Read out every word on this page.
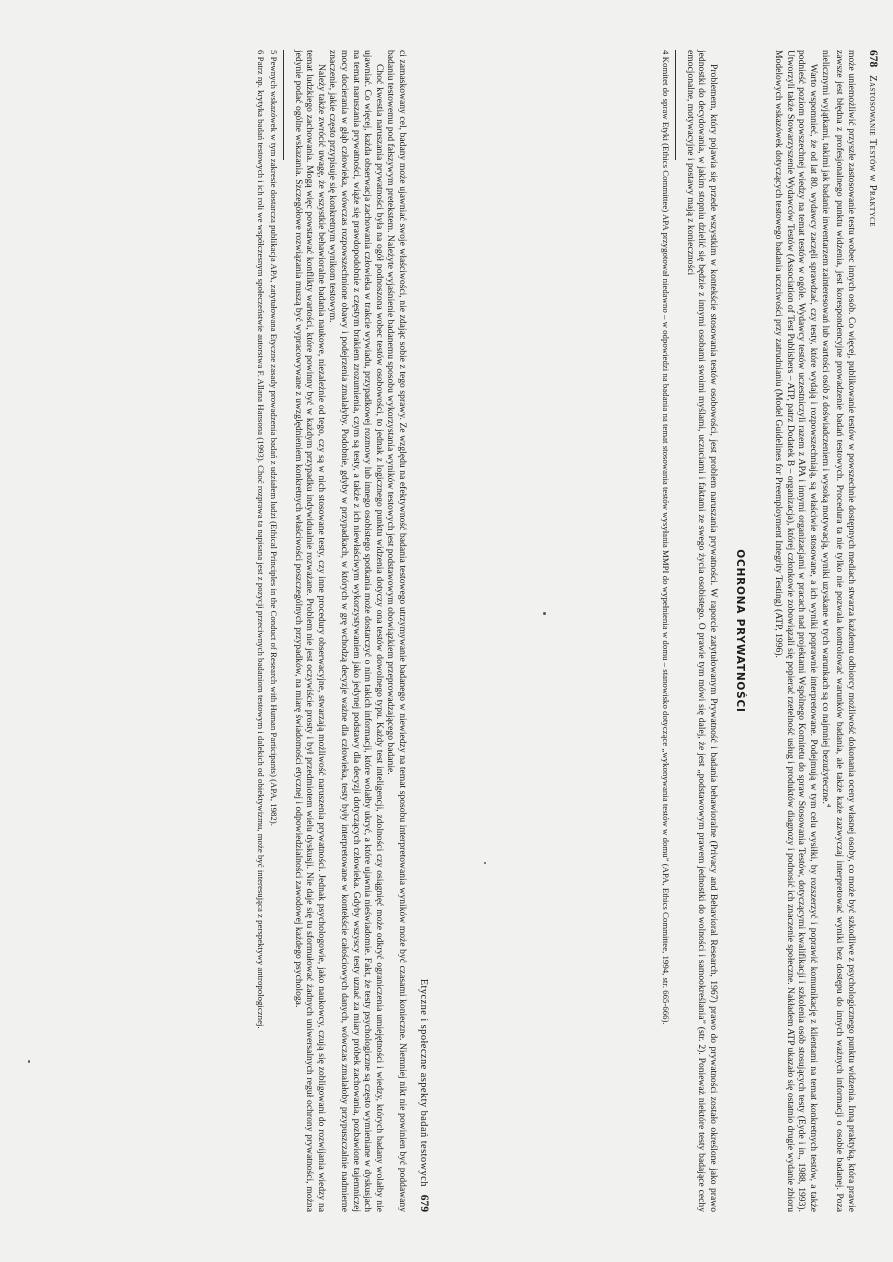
678   Zastosowanie Testów w Praktyce

może uniemożliwić przyszłe zastosowanie testu wobec innych osób. Co więcej, publikowanie testów w powszechnie dostępnych mediach stwarza każdemu odbiorcy możliwość dokonania oceny własnej osoby, co może być szkodliwe z psychologicznego punktu widzenia. Inną praktyką, która prawie zawsze jest błędna z profesjonalnego punktu widzenia, jest korespondencyjne prowadzenie badań testowych. Procedura ta nie tylko nie pozwala kontrolować warunków badania, ale także każe zazwyczaj interpretować wyniki bez dostępu do innych ważnych informacji o osobie badanej. Poza nielicznymi wyjątkami, takimi jak badanie inwentarzem zainteresowań lub wartości osób z doświadczeniem i wysoką motywacją, wyniki uzyskane w tych warunkach są co najmniej bezużyteczne.$^4$

Warto wspomnieć, że od lat 80. wydawcy zaczęli sprawdzać, czy testy, które wydają i rozpowszechniają, są właściwie stosowane, a ich wyniki poprawnie interpretowane. Podejmują w tym celu wysiłki, by rozszerzyć i poprawić komunikację z klientami na temat konkretnych testów, a także podnieść poziom powszechnej wiedzy na temat testów w ogóle. Wydawcy testów uczestniczyli razem z APA i innymi organizacjami w pracach nad projektami Wspólnego Komitetu do spraw Stosowania Testów, dotyczącymi kwalifikacji i szkolenia osób stosujących testy (Eyde i in., 1988, 1993). Utworzyli także Stowarzyszenie Wydawców Testów (Association of Test Publishers – ATP, patrz Dodatek B – organizacja), której członkowie zobowiązali się popierać rzetelność usług i produktów diagnozy i podnosić ich znaczenie społeczne. Nakładem ATP ukazało się ostatnio drugie wydanie zbioru Modelowych wskazówek dotyczących testowego badania uczciwości przy zatrudnianiu (Model Guidelines for Preemployment Integrity Testing) (ATP, 1996).

OCHRONA PRYWATNOŚCI

Problemem, który pojawia się przede wszystkim w kontekście stosowania testów osobowości, jest problem naruszania prywatności. W raporcie zatytułowanym Prywatność i badania behawioralne (Privacy and Behavioral Research, 1967) prawo do prywatności zostało określone jako prawo jednostki do decydowania, w jakim stopniu dzielić się będzie z innymi osobami swoimi myślami, uczuciami i faktami ze swego życia osobistego. O prawie tym mówi się dalej, że jest „podstawowym prawem jednostki do wolności i samookreślania” (str. 2). Ponieważ niektóre testy badające cechy emocjonalne, motywacyjne i postawy mają z konieczności

4 Komitet do spraw Etyki (Ethics Committee) APA przygotował niedawno – w odpowiedzi na badania na temat stosowania testów wysyłania MMPI do wypełnienia w domu – stanowisko dotyczące „wykonywania testów w domu” (APA, Ethics Committee, 1994, str. 665-666).

Etyczne i społeczne aspekty badań testowych   679

ci zamaskowany cel, badany może ujawniać swoje właściwości, nie zdając sobie z tego sprawy. Ze względu na efektywność badania testowego utrzymywanie badanego w niewiedzy na temat sposobu interpretowania wyników może być czasami konieczne. Niemniej nikt nie powinien być poddawany badaniu testowemu pod fałszywym pretekstem. Należyte wyjaśnienie badanemu sposobu wykorzystania wyników testowych jest podstawowym obowiązkiem przeprowadzającego badanie.

Choć kwestia naruszania prywatności była na ogół podnoszona wobec testów osobowości, to jednak z logicznego punktu widzenia dotyczy ona testów dowolnego typu. Każdy test inteligencji, zdolności czy osiągnięć może odkryć ograniczenia umiejętności i wiedzy, których badany wolałby nie ujawniać. Co więcej, każda obserwacja zachowania człowieka w trakcie wywiadu, przypadkowej rozmowy lub innego osobistego spotkania może dostarczyć o nim takich informacji, które wolałby ukryć, a które ujawnia nieświadomie. Fakt, że testy psychologiczne są często wymieniane w dyskusjach na temat naruszania prywatności, wiąże się prawdopodobnie z częstym brakiem zrozumienia, czym są testy, a także z ich niewłaściwym wykorzystywaniem jako jedynej podstawy dla decyzji dotyczących człowieka. Gdyby wszyscy testy uznać za miary próbek zachowania, pozbawione tajemniczej mocy docierania w głąb człowieka, wówczas rozpowszechnione obawy i podejrzenia zmalałyby. Podobnie, gdyby w przypadkach, w których w grę wchodzą decyzje ważne dla człowieka, testy były interpretowane w kontekście całościowych danych, wówczas zmalałoby przypuszczalnie nadmierne znaczenie, jakie często przypisuje się konkretnym wynikom testowym.

Należy także zwrócić uwagę, że wszystkie behawioralne badania naukowe, niezależnie od tego, czy są w nich stosowane testy, czy inne procedury obserwacyjne, stwarzają możliwość naruszenia prywatności. Jednak psychologowie, jako naukowcy, czują się zobligowani do rozwijania wiedzy na temat ludzkiego zachowania. Mogą więc powstawać konflikty wartości, które powinny być w każdym przypadku indywidualnie rozważane. Problem nie jest oczywiście prosty i był przedmiotem wielu dyskusji. Nie daje się tu sformułować żadnych uniwersalnych reguł ochrony prywatności, można jedynie podać ogólne wskazania. Szczegółowe rozwiązania muszą być wypracowywane z uwzględnieniem konkretnych właściwości poszczególnych przypadków, na miarę świadomości etycznej i odpowiedzialności zawodowej każdego psychologa.

5 Pewnych wskazówek w tym zakresie dostarcza publikacja APA, zatytułowana Etyczne zasady prowadzenia badań z udziałem ludzi (Ethical Principles in the Conduct of Research with Human Participants) (APA, 1982).

6 Patrz np. krytyka badań testowych i ich roli we współczesnym społeczeństwie autorstwa F. Allana Hansona (1993). Choć rozprawa ta napisana jest z pozycji przeciwnych badaniom testowym i dalekich od obiektywizmu, może być interesująca z perspektywy antropologicznej.
